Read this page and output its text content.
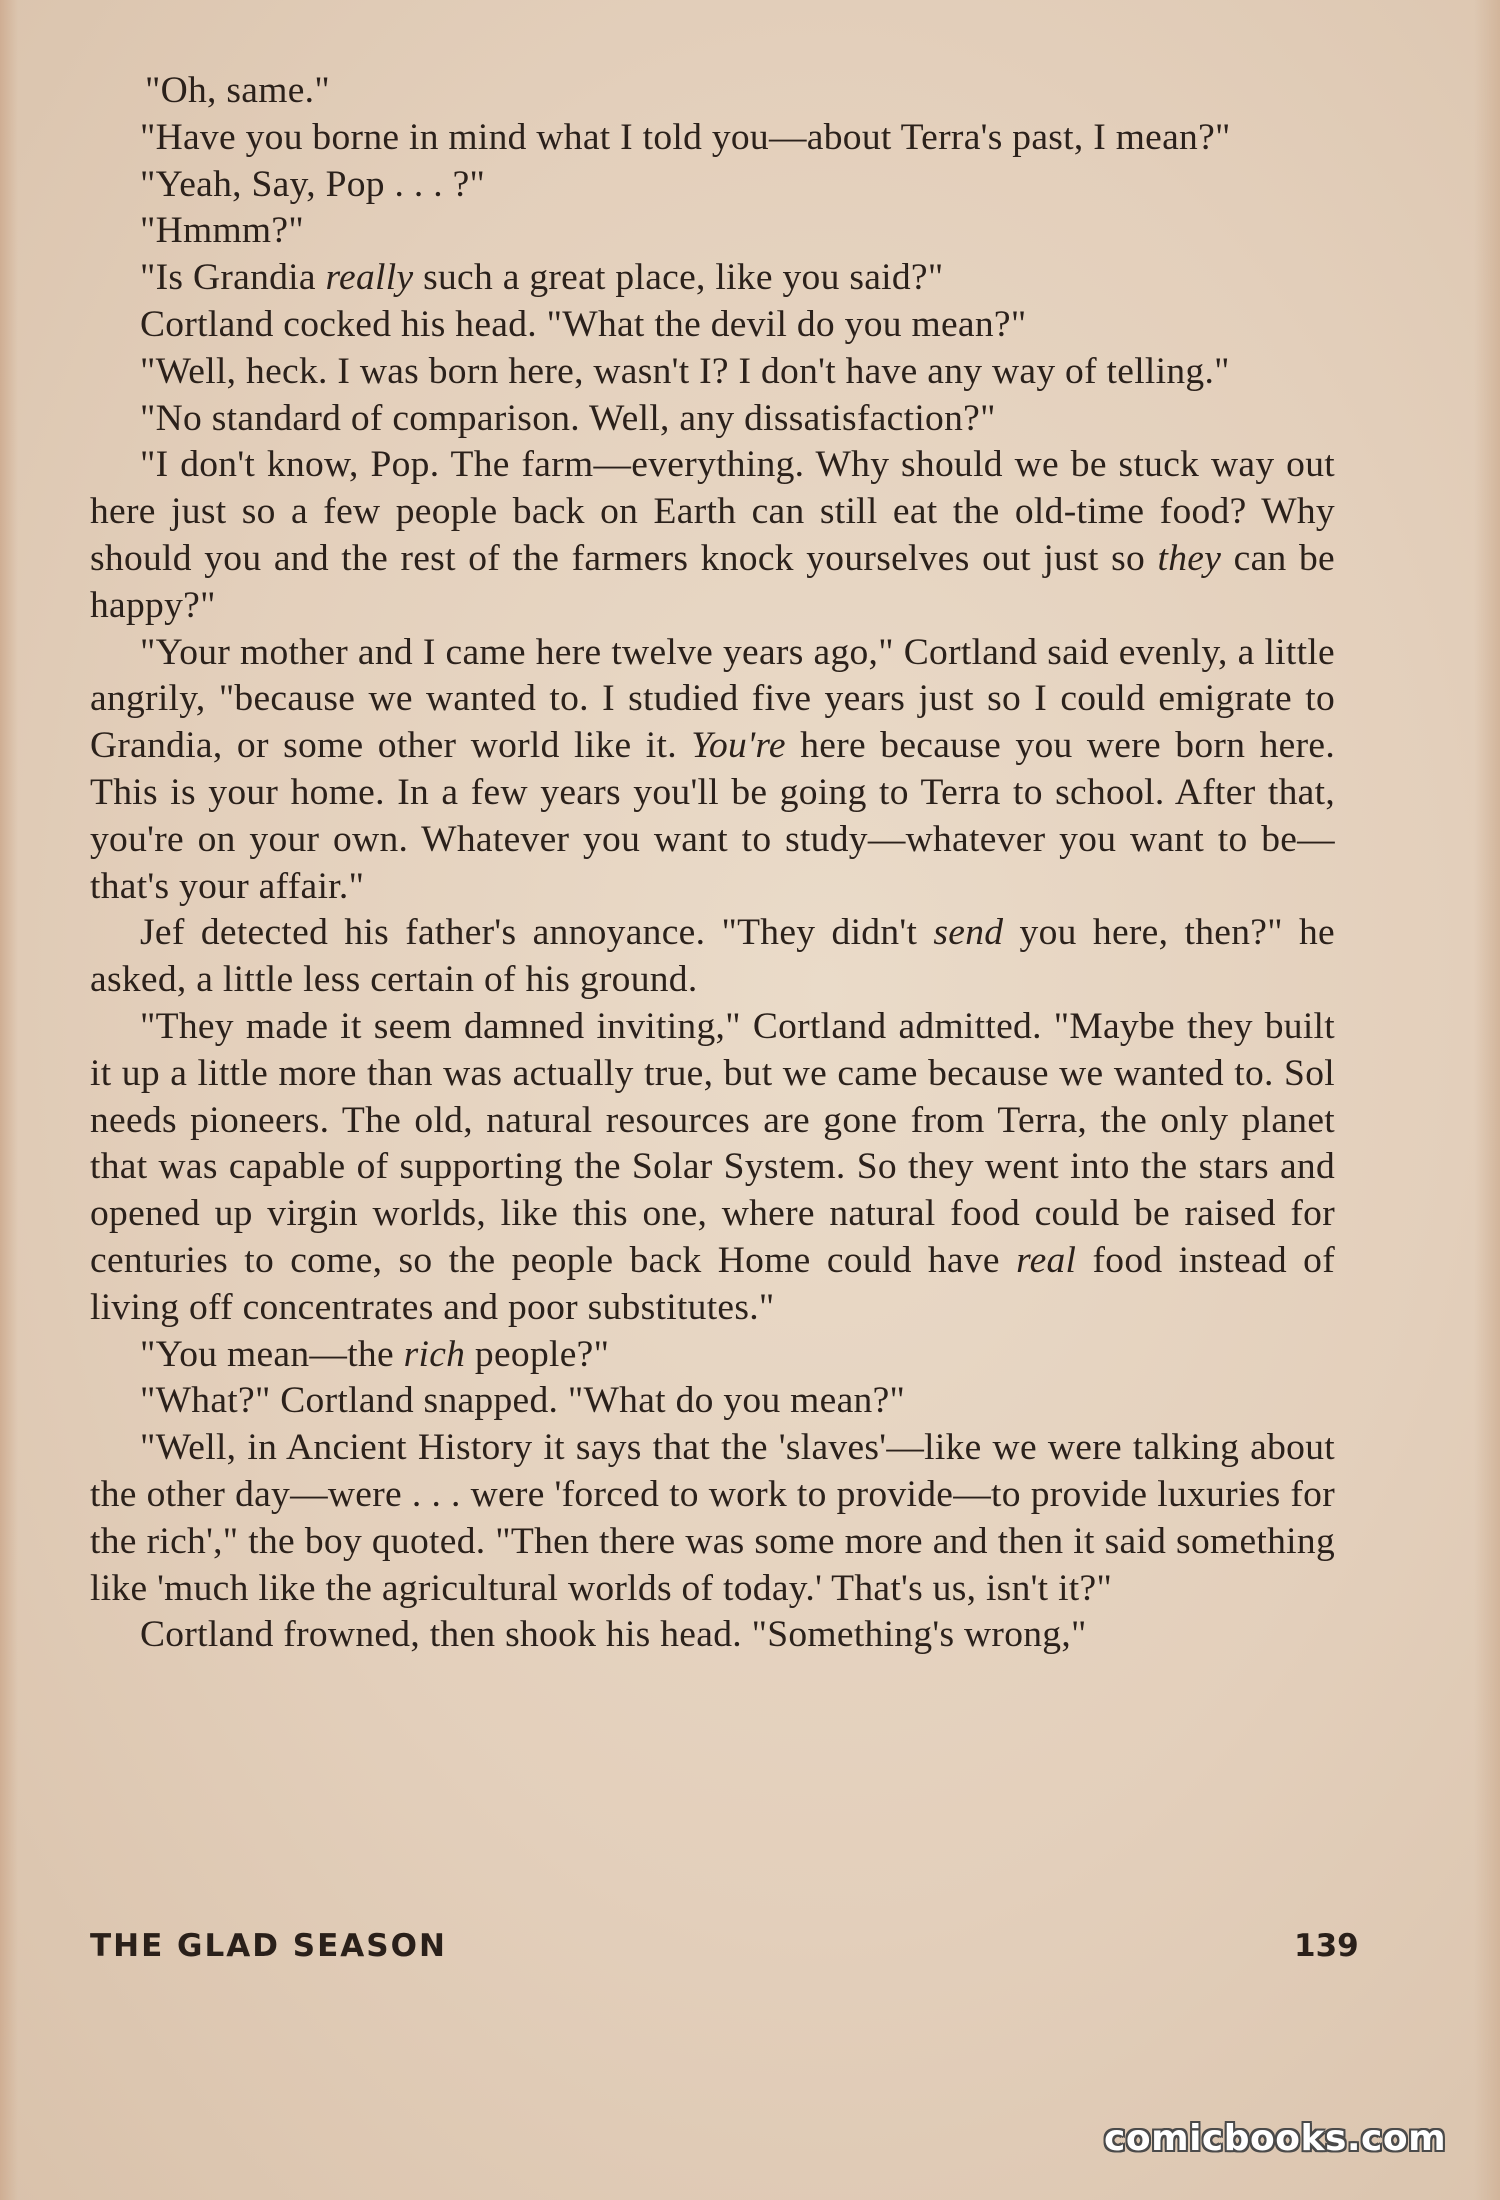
"Oh, same."

"Have you borne in mind what I told you—about Terra's past, I mean?"

"Yeah, Say, Pop . . . ?"

"Hmmm?"

"Is Grandia really such a great place, like you said?"

Cortland cocked his head. "What the devil do you mean?"

"Well, heck. I was born here, wasn't I? I don't have any way of telling."

"No standard of comparison. Well, any dissatisfaction?"

"I don't know, Pop. The farm—everything. Why should we be stuck way out here just so a few people back on Earth can still eat the old-time food? Why should you and the rest of the farmers knock yourselves out just so they can be happy?"

"Your mother and I came here twelve years ago," Cortland said evenly, a little angrily, "because we wanted to. I studied five years just so I could emigrate to Grandia, or some other world like it. You're here because you were born here. This is your home. In a few years you'll be going to Terra to school. After that, you're on your own. Whatever you want to study—whatever you want to be—that's your affair."

Jef detected his father's annoyance. "They didn't send you here, then?" he asked, a little less certain of his ground.

"They made it seem damned inviting," Cortland admitted. "Maybe they built it up a little more than was actually true, but we came because we wanted to. Sol needs pioneers. The old, natural resources are gone from Terra, the only planet that was capable of supporting the Solar System. So they went into the stars and opened up virgin worlds, like this one, where natural food could be raised for centuries to come, so the people back Home could have real food instead of living off concentrates and poor substitutes."

"You mean—the rich people?"

"What?" Cortland snapped. "What do you mean?"

"Well, in Ancient History it says that the 'slaves'—like we were talking about the other day—were . . . were 'forced to work to provide—to provide luxuries for the rich'," the boy quoted. "Then there was some more and then it said something like 'much like the agricultural worlds of today.' That's us, isn't it?"

Cortland frowned, then shook his head. "Something's wrong,"

THE GLAD SEASON	139
comicbooks.com
